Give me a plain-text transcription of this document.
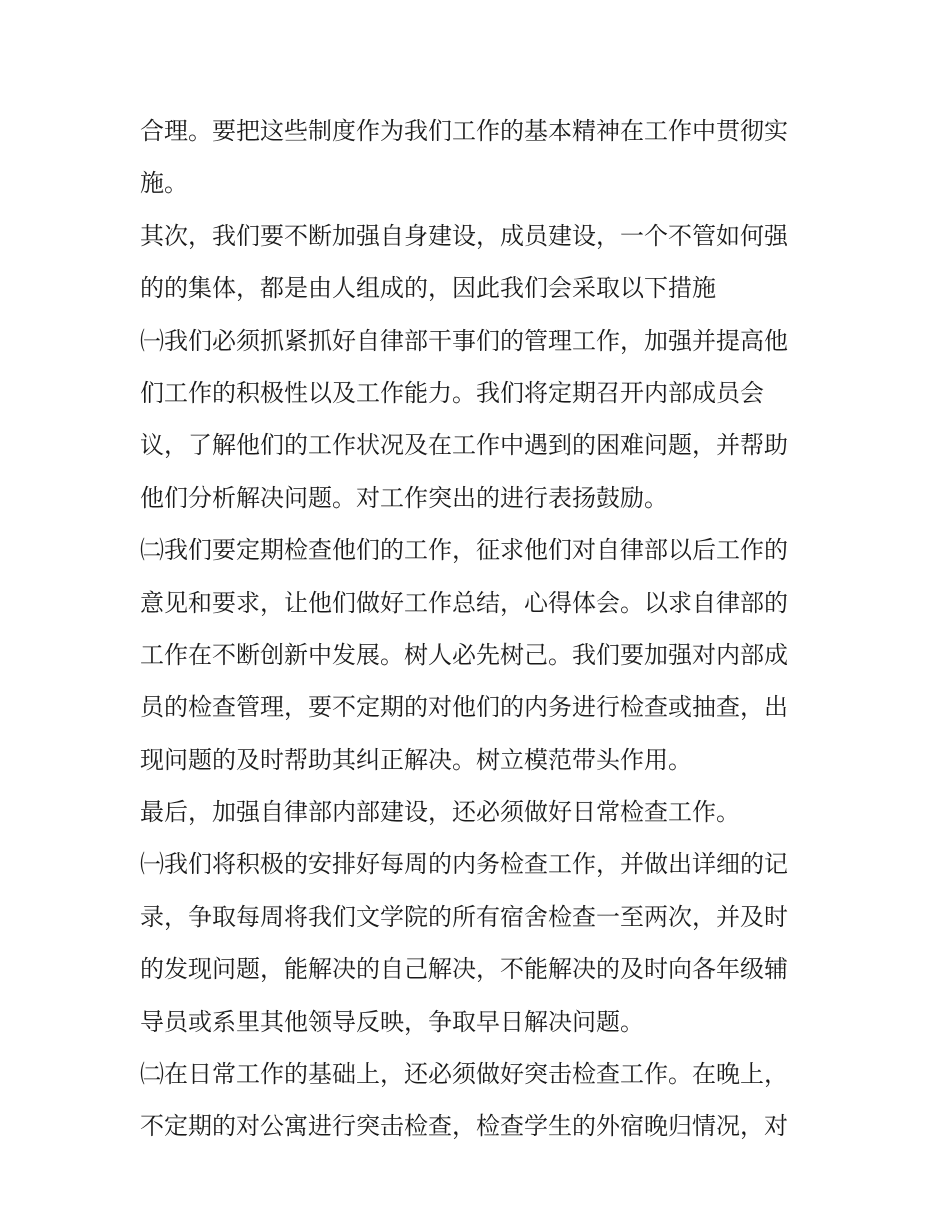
合理。要把这些制度作为我们工作的基本精神在工作中贯彻实
施。
其次，我们要不断加强自身建设，成员建设，一个不管如何强
的的集体，都是由人组成的，因此我们会采取以下措施
㈠我们必须抓紧抓好自律部干事们的管理工作，加强并提高他
们工作的积极性以及工作能力。我们将定期召开内部成员会
议，了解他们的工作状况及在工作中遇到的困难问题，并帮助
他们分析解决问题。对工作突出的进行表扬鼓励。
㈡我们要定期检查他们的工作，征求他们对自律部以后工作的
意见和要求，让他们做好工作总结，心得体会。以求自律部的
工作在不断创新中发展。树人必先树己。我们要加强对内部成
员的检查管理，要不定期的对他们的内务进行检查或抽查，出
现问题的及时帮助其纠正解决。树立模范带头作用。
最后，加强自律部内部建设，还必须做好日常检查工作。
㈠我们将积极的安排好每周的内务检查工作，并做出详细的记
录，争取每周将我们文学院的所有宿舍检查一至两次，并及时
的发现问题，能解决的自己解决，不能解决的及时向各年级辅
导员或系里其他领导反映，争取早日解决问题。
㈡在日常工作的基础上，还必须做好突击检查工作。在晚上，
不定期的对公寓进行突击检查，检查学生的外宿晚归情况，对
